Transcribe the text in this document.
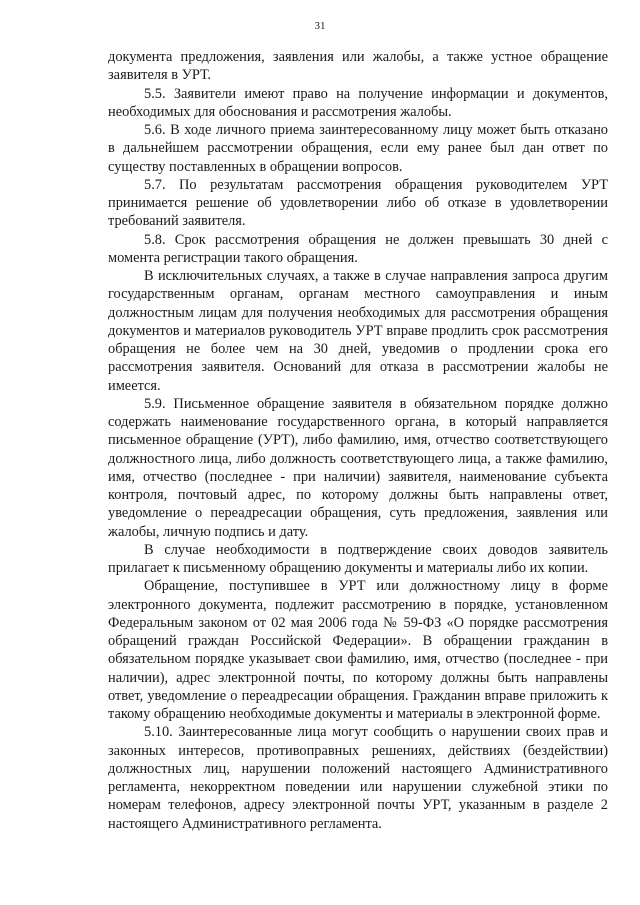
31

документа предложения, заявления или жалобы, а также устное обращение заявителя в УРТ.

5.5. Заявители имеют право на получение информации и документов, необходимых для обоснования и рассмотрения жалобы.

5.6. В ходе личного приема заинтересованному лицу может быть отказано в дальнейшем рассмотрении обращения, если ему ранее был дан ответ по существу поставленных в обращении вопросов.

5.7. По результатам рассмотрения обращения руководителем УРТ принимается решение об удовлетворении либо об отказе в удовлетворении требований заявителя.

5.8. Срок рассмотрения обращения не должен превышать 30 дней с момента регистрации такого обращения.

В исключительных случаях, а также в случае направления запроса другим государственным органам, органам местного самоуправления и иным должностным лицам для получения необходимых для рассмотрения обращения документов и материалов руководитель УРТ вправе продлить срок рассмотрения обращения не более чем на 30 дней, уведомив о продлении срока его рассмотрения заявителя. Оснований для отказа в рассмотрении жалобы не имеется.

5.9. Письменное обращение заявителя в обязательном порядке должно содержать наименование государственного органа, в который направляется письменное обращение (УРТ), либо фамилию, имя, отчество соответствующего должностного лица, либо должность соответствующего лица, а также фамилию, имя, отчество (последнее - при наличии) заявителя, наименование субъекта контроля, почтовый адрес, по которому должны быть направлены ответ, уведомление о переадресации обращения, суть предложения, заявления или жалобы, личную подпись и дату.

В случае необходимости в подтверждение своих доводов заявитель прилагает к письменному обращению документы и материалы либо их копии.

Обращение, поступившее в УРТ или должностному лицу в форме электронного документа, подлежит рассмотрению в порядке, установленном Федеральным законом от 02 мая 2006 года № 59-ФЗ «О порядке рассмотрения обращений граждан Российской Федерации». В обращении гражданин в обязательном порядке указывает свои фамилию, имя, отчество (последнее - при наличии), адрес электронной почты, по которому должны быть направлены ответ, уведомление о переадресации обращения. Гражданин вправе приложить к такому обращению необходимые документы и материалы в электронной форме.

5.10. Заинтересованные лица могут сообщить о нарушении своих прав и законных интересов, противоправных решениях, действиях (бездействии) должностных лиц, нарушении положений настоящего Административного регламента, некорректном поведении или нарушении служебной этики по номерам телефонов, адресу электронной почты УРТ, указанным в разделе 2 настоящего Административного регламента.
